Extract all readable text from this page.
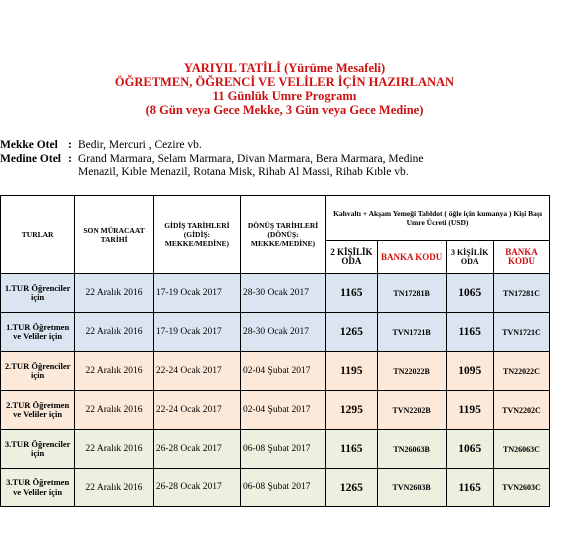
YARIYIL TATİLİ (Yürüme Mesafeli)
ÖĞRETMEN, ÖĞRENCİ VE VELİLER İÇİN HAZIRLANAN
11 Günlük Umre Programı
(8 Gün veya Gece Mekke, 3 Gün veya Gece Medine)
Mekke Otel : Bedir, Mercuri , Cezire vb.
Medine Otel : Grand Marmara, Selam Marmara, Divan Marmara, Bera Marmara, Medine
Menazil, Kıble Menazil, Rotana Misk, Rihab Al Massi, Rihab Kıble vb.
TURLAR	SON MÜRACAAT TARİHİ	GİDİŞ TARİHLERİ (GİDİŞ: MEKKE/MEDİNE)	DÖNÜŞ TARİHLERİ (DÖNÜŞ: MEKKE/MEDİNE)	Kahvaltı + Akşam Yemeği Tabldot ( öğle için kumanya ) Kişi Başı Umre Ücreti (USD)			
				2 KİŞİLİK ODA	BANKA KODU	3 KİŞİLİK ODA	BANKA KODU
1.TUR Öğrenciler için	22 Aralık 2016	17-19 Ocak 2017	28-30 Ocak 2017	1165	TN17281B	1065	TN17281C
1.TUR Öğretmen ve Veliler için	22 Aralık 2016	17-19 Ocak 2017	28-30 Ocak 2017	1265	TVN1721B	1165	TVN1721C
2.TUR Öğrenciler için	22 Aralık 2016	22-24 Ocak 2017	02-04 Şubat 2017	1195	TN22022B	1095	TN22022C
2.TUR Öğretmen ve Veliler için	22 Aralık 2016	22-24 Ocak 2017	02-04 Şubat 2017	1295	TVN2202B	1195	TVN2202C
3.TUR Öğrenciler için	22 Aralık 2016	26-28 Ocak 2017	06-08 Şubat 2017	1165	TN26063B	1065	TN26063C
3.TUR Öğretmen ve Veliler için	22 Aralık 2016	26-28 Ocak 2017	06-08 Şubat 2017	1265	TVN2603B	1165	TVN2603C
